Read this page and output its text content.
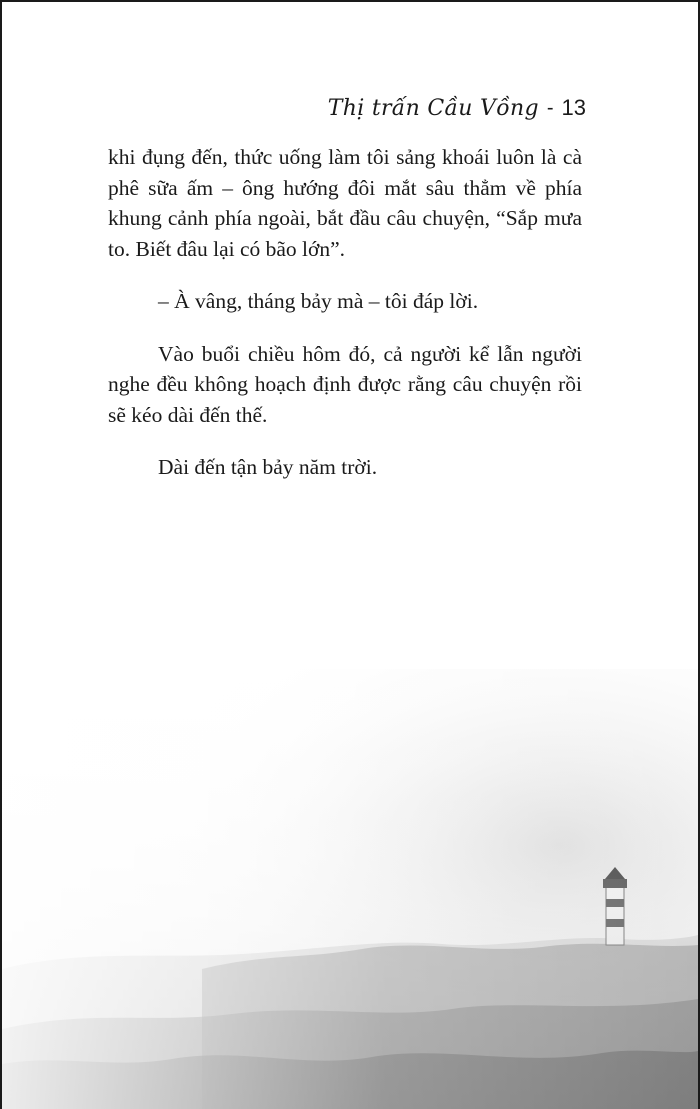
Thị trấn Cầu Vồng - 13

khi đụng đến, thức uống làm tôi sảng khoái luôn là cà phê sữa ấm – ông hướng đôi mắt sâu thẳm về phía khung cảnh phía ngoài, bắt đầu câu chuyện, “Sắp mưa to. Biết đâu lại có bão lớn”.

– À vâng, tháng bảy mà – tôi đáp lời.

Vào buổi chiều hôm đó, cả người kể lẫn người nghe đều không hoạch định được rằng câu chuyện rồi sẽ kéo dài đến thế.

Dài đến tận bảy năm trời.
